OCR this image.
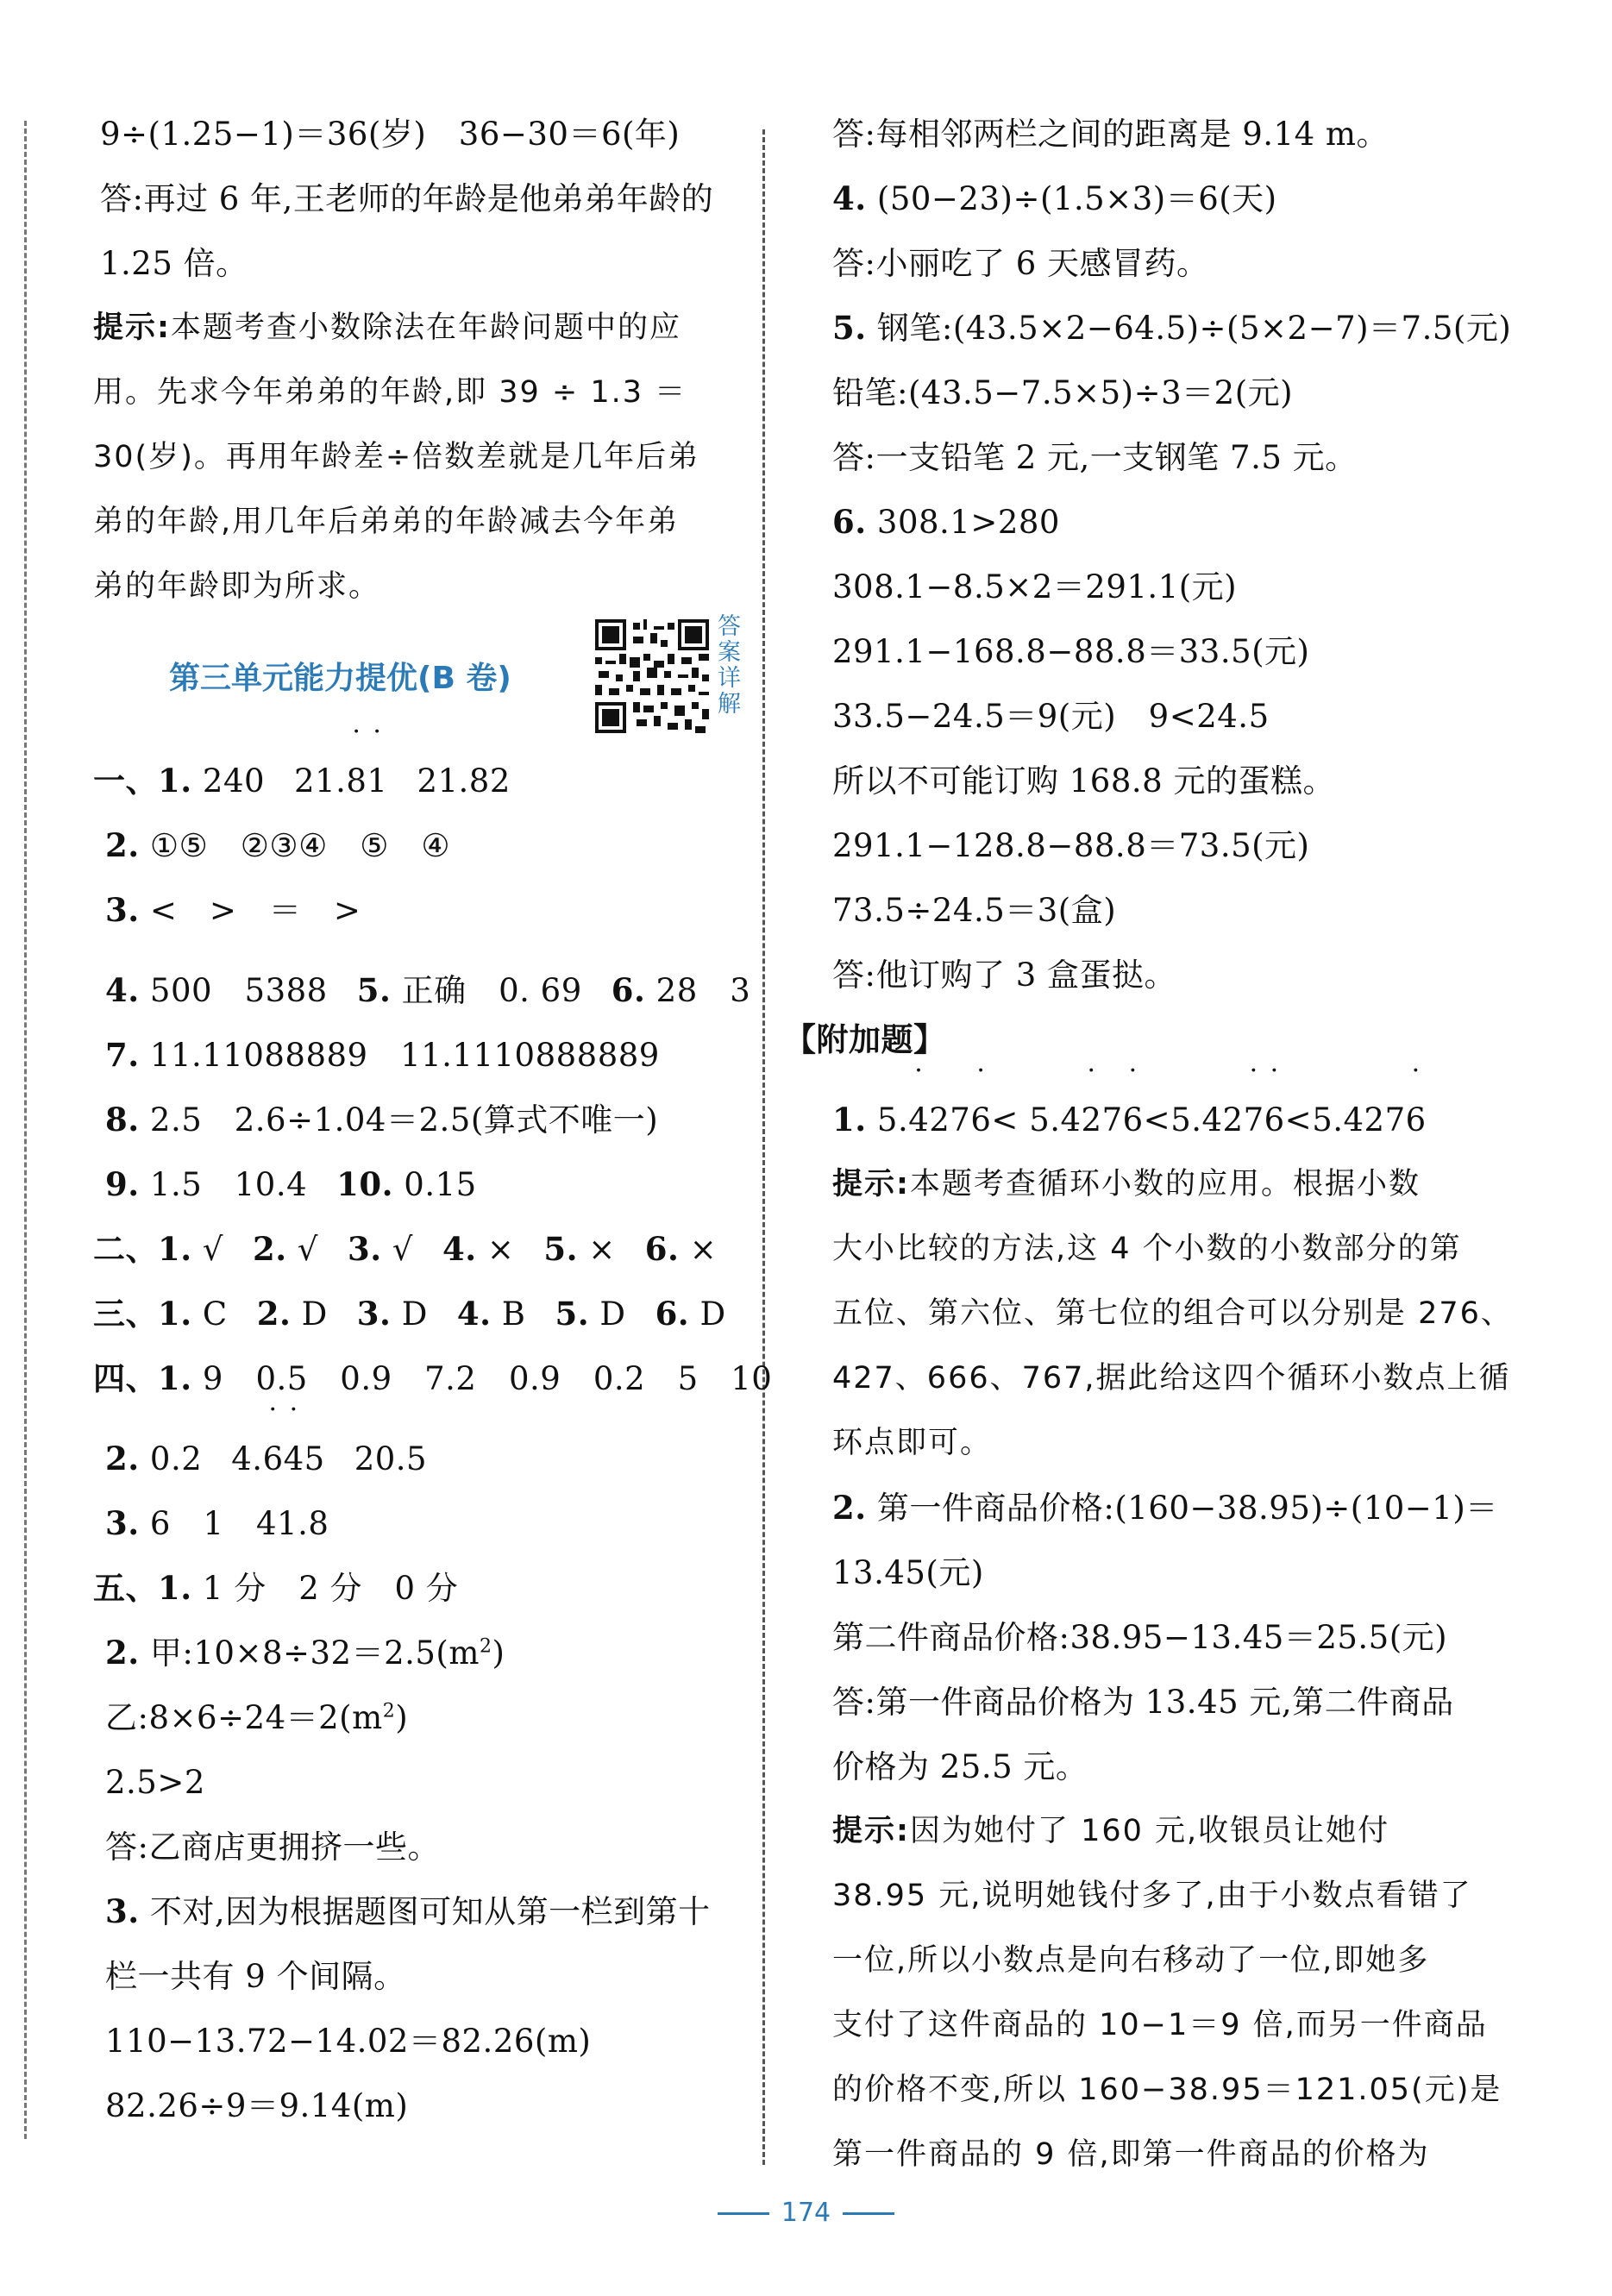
9÷(1.25−1)＝36(岁)　36−30＝6(年)
答:再过 6 年,王老师的年龄是他弟弟年龄的
1.25 倍。
提示:本题考查小数除法在年龄问题中的应
用。先求今年弟弟的年龄,即 39 ÷ 1.3 ＝
30(岁)。再用年龄差÷倍数差就是几年后弟
弟的年龄,用几年后弟弟的年龄减去今年弟
弟的年龄即为所求。
第三单元能力提优(B 卷)
答案详解
一、1. 240 21.8 ·1 · 21.82
2. ①⑤　②③④　⑤　④
3. <　>　＝　>
4. 500　5388 5. 正确　0. 69 6. 28　3
7. 11.11088889　11.1110888889
8. 2.5　2.6÷1.04＝2.5(算式不唯一)
9. 1.5　10.4 10. 0.15
二、1. √ 2. √ 3. √ 4. × 5. × 6. ×
三、1. C 2. D 3. D 4. B 5. D 6. D
四、1. 9　0.5　0.9　7.2　0.9　0.2　5　10
2. 0.2 4.6 ·4 ·5 20.5
3. 6　1　41.8
五、1. 1 分　2 分　0 分
2. 甲$:10\times 8\div 32=2.5(m^2)$
乙$:8\times 6\div 24=2(m^2)$
2.5>2
答:乙商店更拥挤一些。
3. 不对,因为根据题图可知从第一栏到第十
栏一共有 9 个间隔。
110−13.72−14.02＝82.26(m)
82.26÷9＝9.14(m)
答:每相邻两栏之间的距离是 9.14 m。
4. (50−23)÷(1.5×3)＝6(天)
答:小丽吃了 6 天感冒药。
5. 钢笔:(43.5×2−64.5)÷(5×2−7)＝7.5(元)
铅笔:(43.5−7.5×5)÷3＝2(元)
答:一支铅笔 2 元,一支钢笔 7.5 元。
6. 308.1>280
308.1−8.5×2＝291.1(元)
291.1−168.8−88.8＝33.5(元)
33.5−24.5＝9(元)　9<24.5
所以不可能订购 168.8 元的蛋糕。
291.1−128.8−88.8＝73.5(元)
73.5÷24.5＝3(盒)
答:他订购了 3 盒蛋挞。
【附加题】
1. 5.4 ·276 ·< 5.42 ·76 ·<5.427 ·6 ·<5.4276 ·
提示:本题考查循环小数的应用。根据小数
大小比较的方法,这 4 个小数的小数部分的第
五位、第六位、第七位的组合可以分别是 276、
427、666、767,据此给这四个循环小数点上循
环点即可。
2. 第一件商品价格:(160−38.95)÷(10−1)＝
13.45(元)
第二件商品价格:38.95−13.45＝25.5(元)
答:第一件商品价格为 13.45 元,第二件商品
价格为 25.5 元。
提示:因为她付了 160 元,收银员让她付
38.95 元,说明她钱付多了,由于小数点看错了
一位,所以小数点是向右移动了一位,即她多
支付了这件商品的 10−1＝9 倍,而另一件商品
的价格不变,所以 160−38.95＝121.05(元)是
第一件商品的 9 倍,即第一件商品的价格为
174
